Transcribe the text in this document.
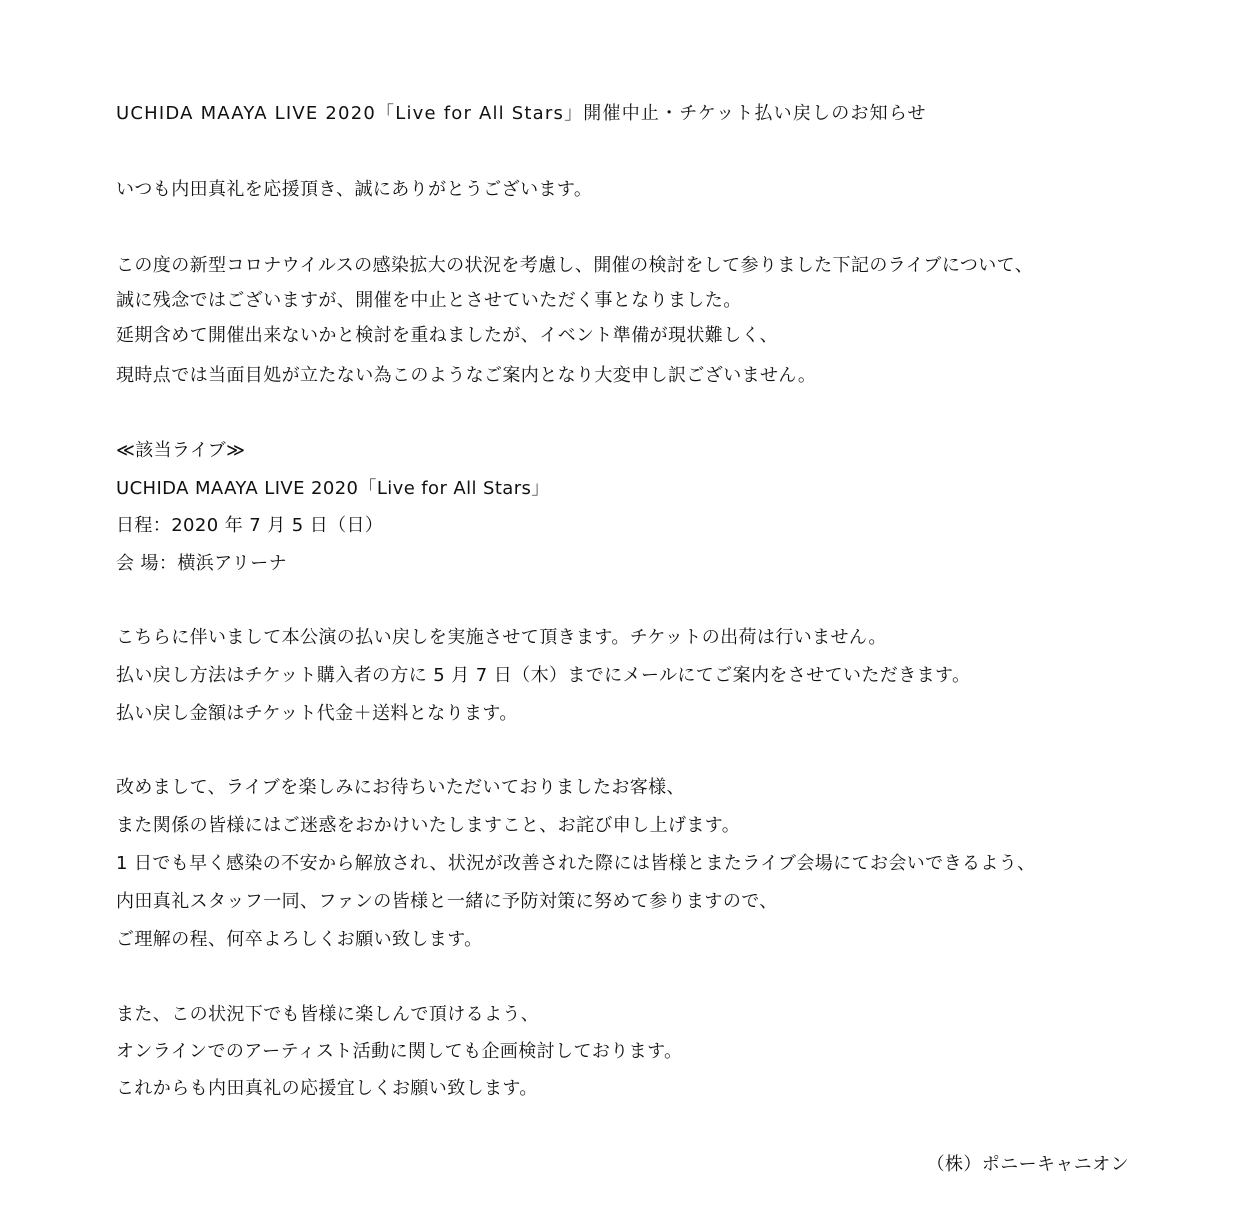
UCHIDA MAAYA LIVE 2020「Live for All Stars」開催中止・チケット払い戻しのお知らせ
いつも内田真礼を応援頂き、誠にありがとうございます。
この度の新型コロナウイルスの感染拡大の状況を考慮し、開催の検討をして参りました下記のライブについて、
誠に残念ではございますが、開催を中止とさせていただく事となりました。
延期含めて開催出来ないかと検討を重ねましたが、イベント準備が現状難しく、
現時点では当面目処が立たない為このようなご案内となり大変申し訳ございません。
≪該当ライブ≫
UCHIDA MAAYA LIVE 2020「Live for All Stars」
日程：2020 年 7 月 5 日（日）
会 場：横浜アリーナ
こちらに伴いまして本公演の払い戻しを実施させて頂きます。チケットの出荷は行いません。
払い戻し方法はチケット購入者の方に 5 月 7 日（木）までにメールにてご案内をさせていただきます。
払い戻し金額はチケット代金＋送料となります。
改めまして、ライブを楽しみにお待ちいただいておりましたお客様、
また関係の皆様にはご迷惑をおかけいたしますこと、お詫び申し上げます。
1 日でも早く感染の不安から解放され、状況が改善された際には皆様とまたライブ会場にてお会いできるよう、
内田真礼スタッフ一同、ファンの皆様と一緒に予防対策に努めて参りますので、
ご理解の程、何卒よろしくお願い致します。
また、この状況下でも皆様に楽しんで頂けるよう、
オンラインでのアーティスト活動に関しても企画検討しております。
これからも内田真礼の応援宜しくお願い致します。
（株）ポニーキャニオン
